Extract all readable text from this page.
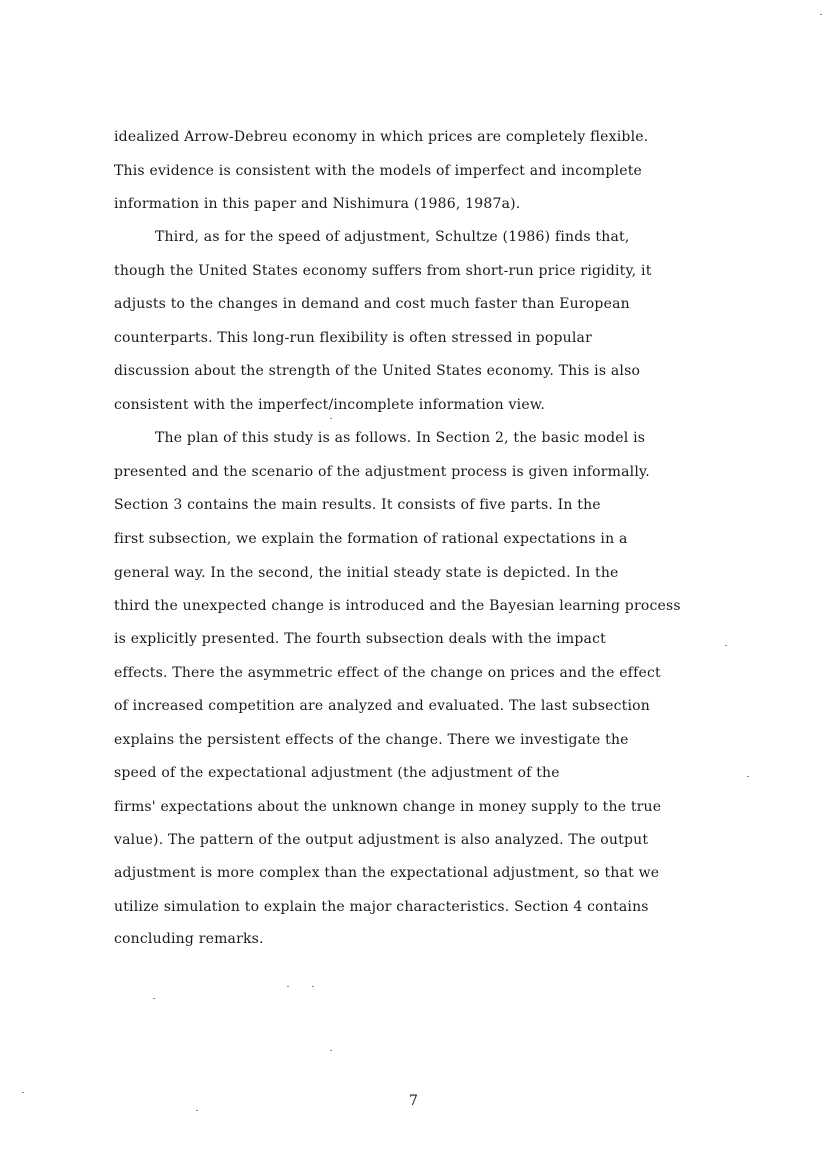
idealized Arrow-Debreu economy in which prices are completely flexible.
This evidence is consistent with the models of imperfect and incomplete
information in this paper and Nishimura (1986, 1987a).
Third, as for the speed of adjustment, Schultze (1986) finds that,
though the United States economy suffers from short-run price rigidity, it
adjusts to the changes in demand and cost much faster than European
counterparts. This long-run flexibility is often stressed in popular
discussion about the strength of the United States economy. This is also
consistent with the imperfect/incomplete information view.
The plan of this study is as follows. In Section 2, the basic model is
presented and the scenario of the adjustment process is given informally.
Section 3 contains the main results. It consists of five parts. In the
first subsection, we explain the formation of rational expectations in a
general way. In the second, the initial steady state is depicted. In the
third the unexpected change is introduced and the Bayesian learning process
is explicitly presented. The fourth subsection deals with the impact
effects. There the asymmetric effect of the change on prices and the effect
of increased competition are analyzed and evaluated. The last subsection
explains the persistent effects of the change. There we investigate the
speed of the expectational adjustment (the adjustment of the
firms' expectations about the unknown change in money supply to the true
value). The pattern of the output adjustment is also analyzed. The output
adjustment is more complex than the expectational adjustment, so that we
utilize simulation to explain the major characteristics. Section 4 contains
concluding remarks.
7
